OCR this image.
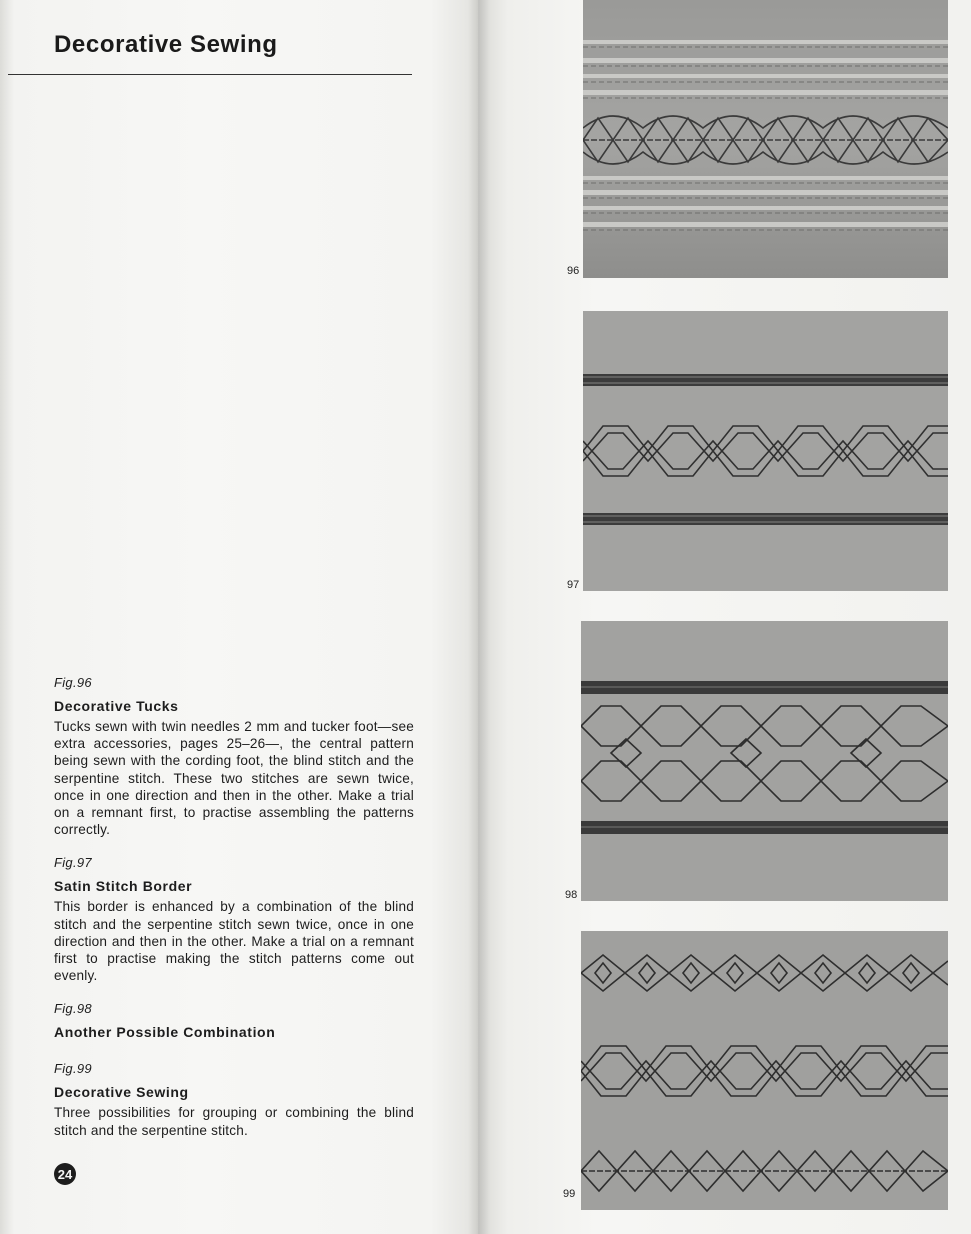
Decorative Sewing

Fig.96

Decorative Tucks

Tucks sewn with twin needles 2 mm and tucker foot—see extra accessories, pages 25–26—, the central pattern being sewn with the cording foot, the blind stitch and the serpentine stitch. These two stitches are sewn twice, once in one direction and then in the other. Make a trial on a remnant first, to practise assembling the patterns correctly.

Fig.97

Satin Stitch Border

This border is enhanced by a combination of the blind stitch and the serpentine stitch sewn twice, once in one direction and then in the other. Make a trial on a remnant first to practise making the stitch patterns come out evenly.

Fig.98

Another Possible Combination

Fig.99

Decorative Sewing

Three possibilities for grouping or combining the blind stitch and the serpentine stitch.

24
96
97
98
99
